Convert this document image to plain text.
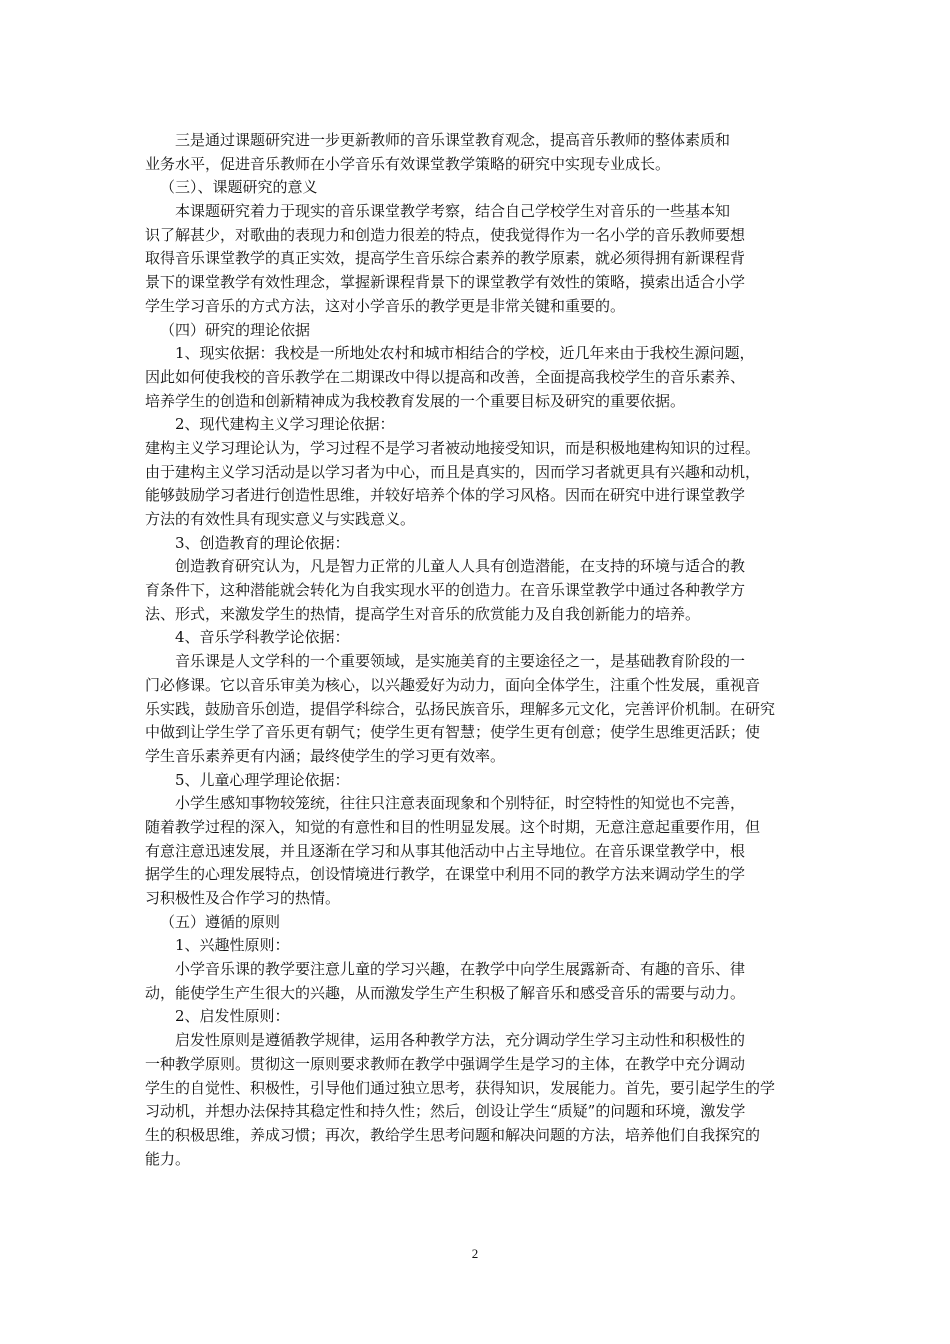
三是通过课题研究进一步更新教师的音乐课堂教育观念，提高音乐教师的整体素质和
业务水平，促进音乐教师在小学音乐有效课堂教学策略的研究中实现专业成长。
（三）、课题研究的意义
本课题研究着力于现实的音乐课堂教学考察，结合自己学校学生对音乐的一些基本知
识了解甚少，对歌曲的表现力和创造力很差的特点，使我觉得作为一名小学的音乐教师要想
取得音乐课堂教学的真正实效，提高学生音乐综合素养的教学原素，就必须得拥有新课程背
景下的课堂教学有效性理念，掌握新课程背景下的课堂教学有效性的策略，摸索出适合小学
学生学习音乐的方式方法，这对小学音乐的教学更是非常关键和重要的。
（四）研究的理论依据
1、现实依据：我校是一所地处农村和城市相结合的学校，近几年来由于我校生源问题，
因此如何使我校的音乐教学在二期课改中得以提高和改善，全面提高我校学生的音乐素养、
培养学生的创造和创新精神成为我校教育发展的一个重要目标及研究的重要依据。
2、现代建构主义学习理论依据：
建构主义学习理论认为，学习过程不是学习者被动地接受知识，而是积极地建构知识的过程。
由于建构主义学习活动是以学习者为中心，而且是真实的，因而学习者就更具有兴趣和动机，
能够鼓励学习者进行创造性思维，并较好培养个体的学习风格。因而在研究中进行课堂教学
方法的有效性具有现实意义与实践意义。
3、创造教育的理论依据：
创造教育研究认为，凡是智力正常的儿童人人具有创造潜能，在支持的环境与适合的教
育条件下，这种潜能就会转化为自我实现水平的创造力。在音乐课堂教学中通过各种教学方
法、形式，来激发学生的热情，提高学生对音乐的欣赏能力及自我创新能力的培养。
4、音乐学科教学论依据：
音乐课是人文学科的一个重要领域，是实施美育的主要途径之一，是基础教育阶段的一
门必修课。它以音乐审美为核心，以兴趣爱好为动力，面向全体学生，注重个性发展，重视音
乐实践，鼓励音乐创造，提倡学科综合，弘扬民族音乐，理解多元文化，完善评价机制。在研究
中做到让学生学了音乐更有朝气；使学生更有智慧；使学生更有创意；使学生思维更活跃；使
学生音乐素养更有内涵；最终使学生的学习更有效率。
5、儿童心理学理论依据：
小学生感知事物较笼统，往往只注意表面现象和个别特征，时空特性的知觉也不完善，
随着教学过程的深入，知觉的有意性和目的性明显发展。这个时期，无意注意起重要作用，但
有意注意迅速发展，并且逐渐在学习和从事其他活动中占主导地位。在音乐课堂教学中，根
据学生的心理发展特点，创设情境进行教学，在课堂中利用不同的教学方法来调动学生的学
习积极性及合作学习的热情。
（五）遵循的原则
1、兴趣性原则：
小学音乐课的教学要注意儿童的学习兴趣，在教学中向学生展露新奇、有趣的音乐、律
动，能使学生产生很大的兴趣，从而激发学生产生积极了解音乐和感受音乐的需要与动力。
2、启发性原则：
启发性原则是遵循教学规律，运用各种教学方法，充分调动学生学习主动性和积极性的
一种教学原则。贯彻这一原则要求教师在教学中强调学生是学习的主体，在教学中充分调动
学生的自觉性、积极性，引导他们通过独立思考，获得知识，发展能力。首先，要引起学生的学
习动机，并想办法保持其稳定性和持久性；然后，创设让学生“质疑”的问题和环境，激发学
生的积极思维，养成习惯；再次，教给学生思考问题和解决问题的方法，培养他们自我探究的
能力。
2
